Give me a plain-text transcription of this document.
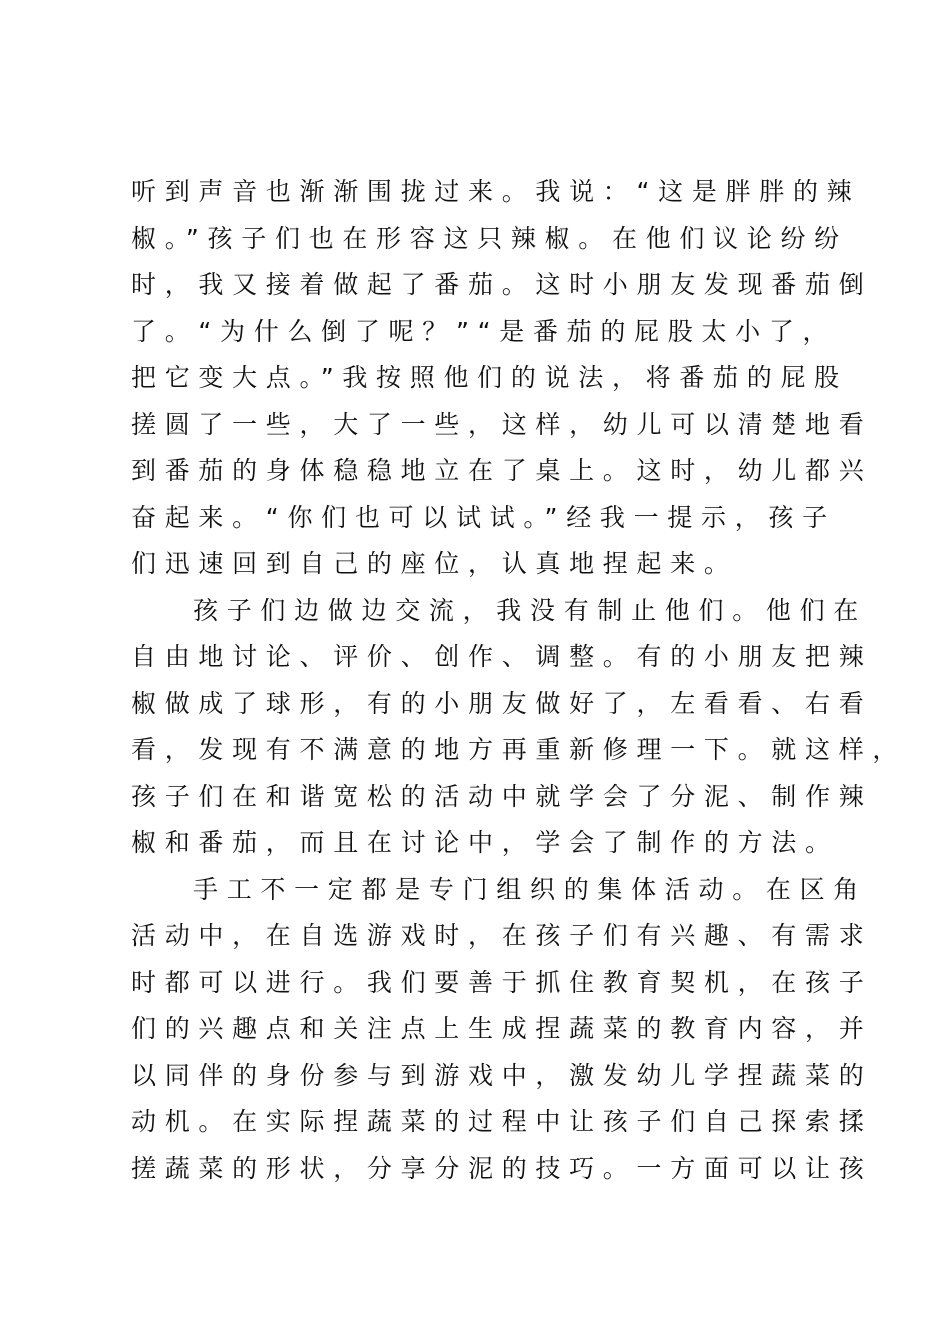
听到声音也渐渐围拢过来。我说：“这是胖胖的辣
椒。”孩子们也在形容这只辣椒。在他们议论纷纷
时，我又接着做起了番茄。这时小朋友发现番茄倒
了。“为什么倒了呢？”“是番茄的屁股太小了，
把它变大点。”我按照他们的说法，将番茄的屁股
搓圆了一些，大了一些，这样，幼儿可以清楚地看
到番茄的身体稳稳地立在了桌上。这时，幼儿都兴
奋起来。“你们也可以试试。”经我一提示，孩子
们迅速回到自己的座位，认真地捏起来。
孩子们边做边交流，我没有制止他们。他们在
自由地讨论、评价、创作、调整。有的小朋友把辣
椒做成了球形，有的小朋友做好了，左看看、右看
看，发现有不满意的地方再重新修理一下。就这样，
孩子们在和谐宽松的活动中就学会了分泥、制作辣
椒和番茄，而且在讨论中，学会了制作的方法。
手工不一定都是专门组织的集体活动。在区角
活动中，在自选游戏时，在孩子们有兴趣、有需求
时都可以进行。我们要善于抓住教育契机，在孩子
们的兴趣点和关注点上生成捏蔬菜的教育内容，并
以同伴的身份参与到游戏中，激发幼儿学捏蔬菜的
动机。在实际捏蔬菜的过程中让孩子们自己探索揉
搓蔬菜的形状，分享分泥的技巧。一方面可以让孩
